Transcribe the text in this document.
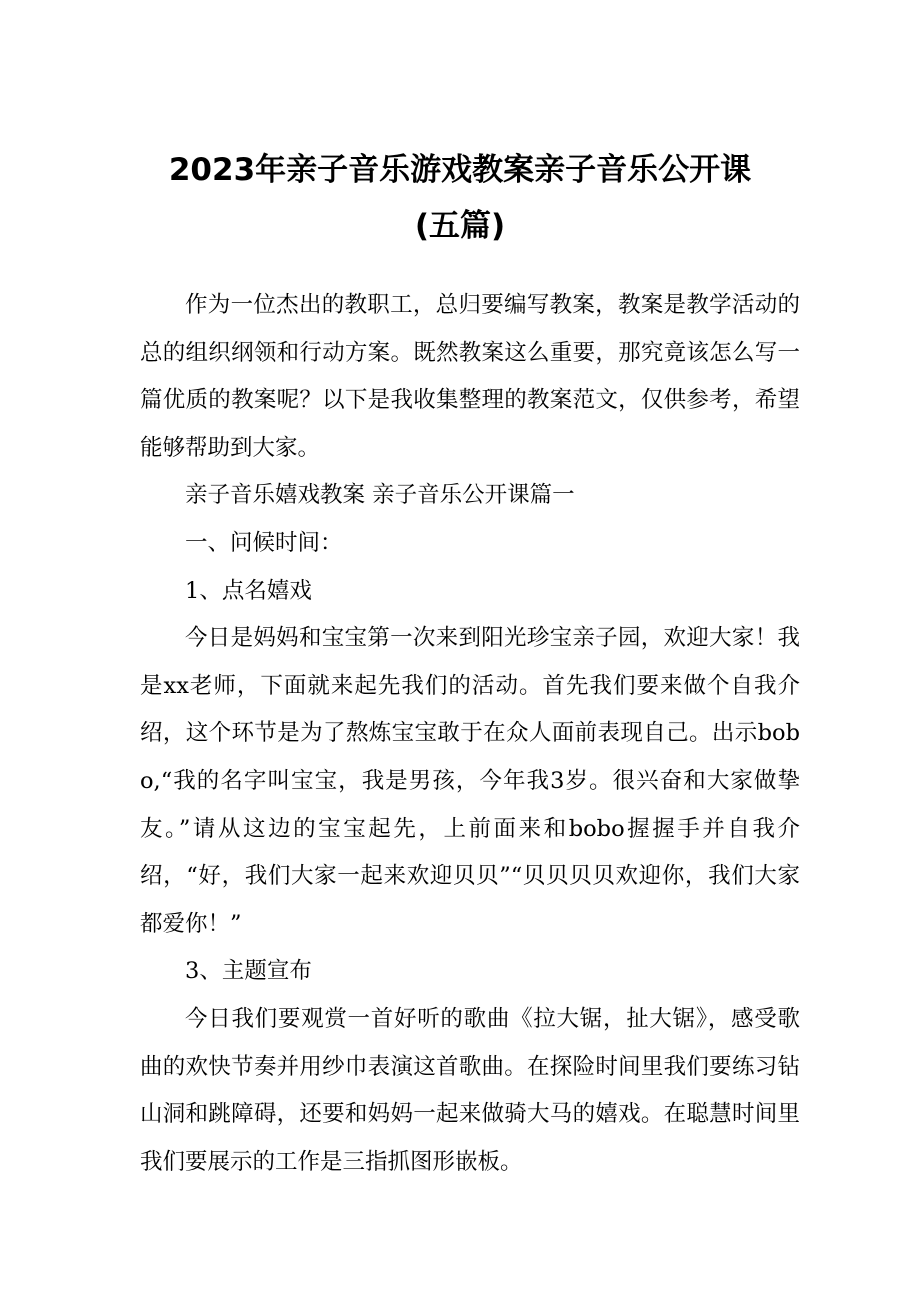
2023年亲子音乐游戏教案亲子音乐公开课
(五篇)

作为一位杰出的教职工，总归要编写教案，教案是教学活动的总的组织纲领和行动方案。既然教案这么重要，那究竟该怎么写一篇优质的教案呢？以下是我收集整理的教案范文，仅供参考，希望能够帮助到大家。

亲子音乐嬉戏教案 亲子音乐公开课篇一

一、问候时间：

1、点名嬉戏

今日是妈妈和宝宝第一次来到阳光珍宝亲子园，欢迎大家！我是xx老师，下面就来起先我们的活动。首先我们要来做个自我介绍，这个环节是为了熬炼宝宝敢于在众人面前表现自己。出示bobo,“我的名字叫宝宝，我是男孩，今年我3岁。很兴奋和大家做挚友。”请从这边的宝宝起先，上前面来和bobo握握手并自我介绍，“好，我们大家一起来欢迎贝贝”“贝贝贝贝欢迎你，我们大家都爱你！”

3、主题宣布

今日我们要观赏一首好听的歌曲《拉大锯，扯大锯》，感受歌曲的欢快节奏并用纱巾表演这首歌曲。在探险时间里我们要练习钻山洞和跳障碍，还要和妈妈一起来做骑大马的嬉戏。在聪慧时间里我们要展示的工作是三指抓图形嵌板。
